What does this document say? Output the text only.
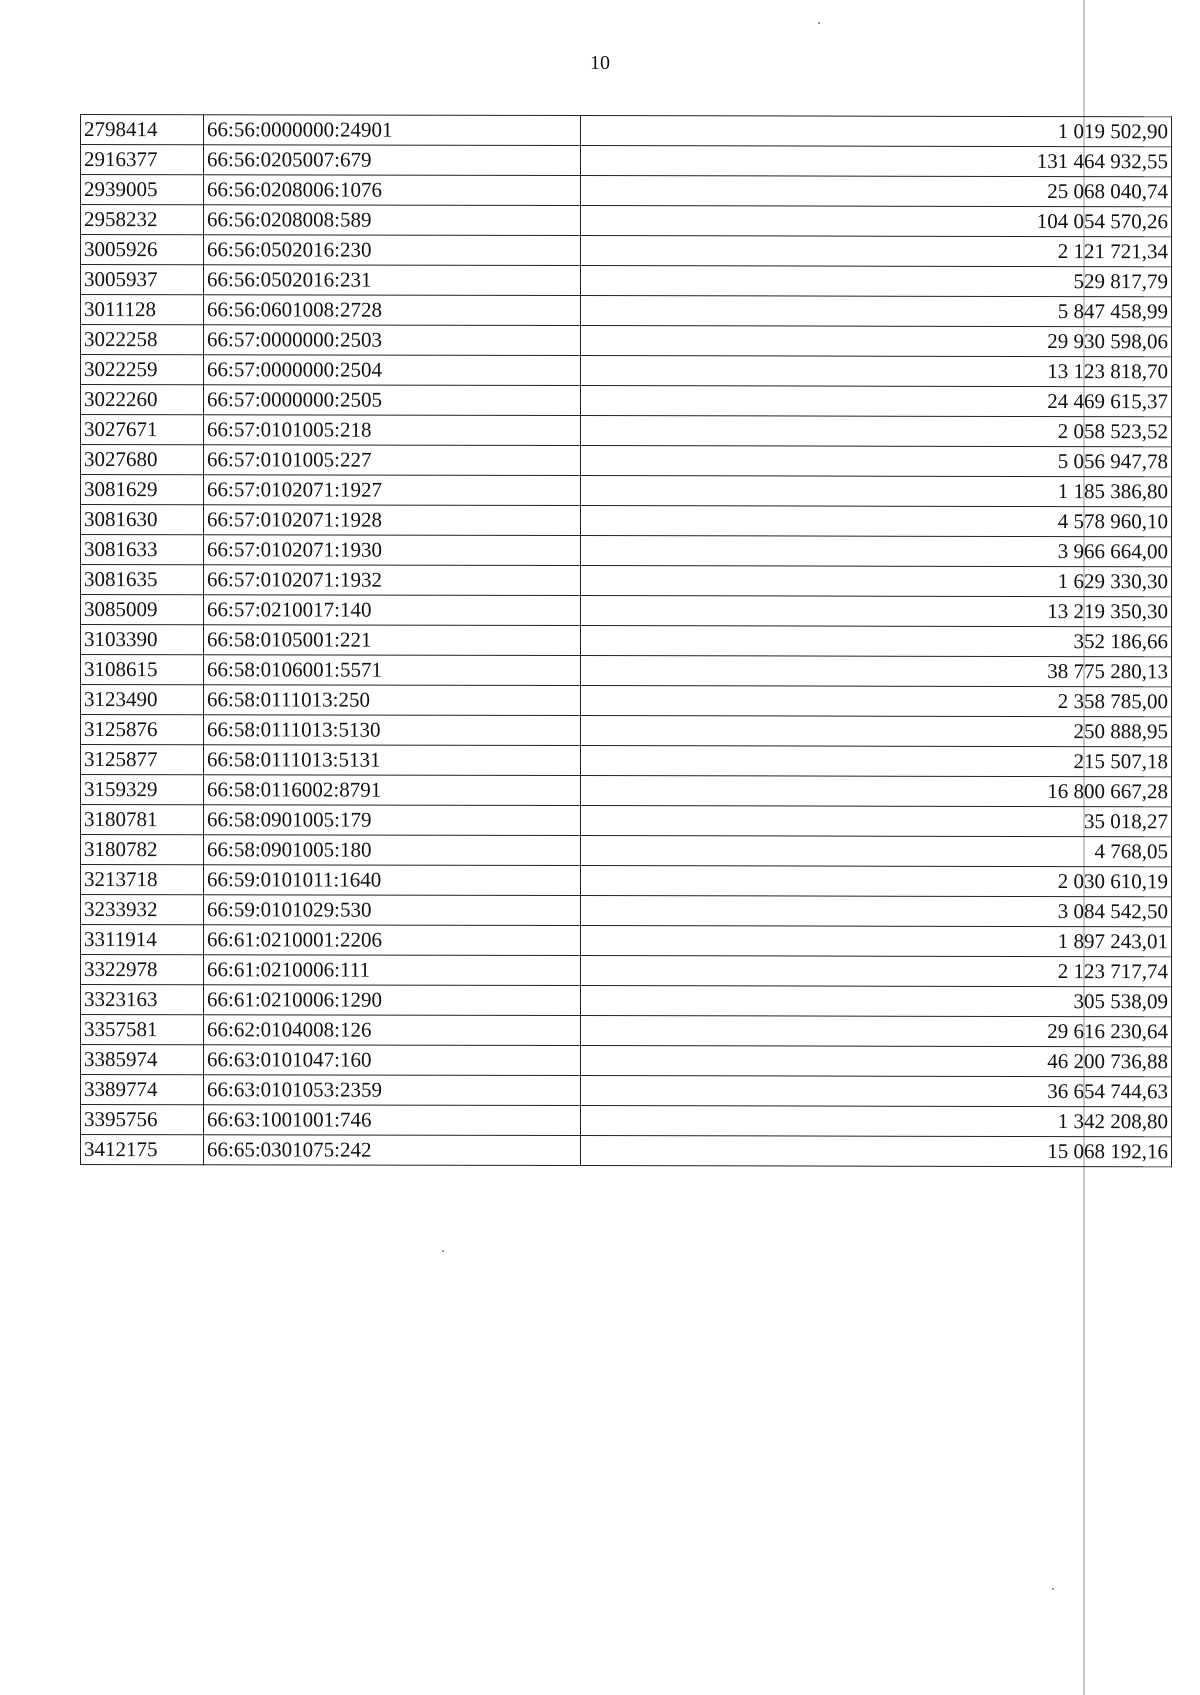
10
2798414	66:56:0000000:24901	1 019 502,90
2916377	66:56:0205007:679	131 464 932,55
2939005	66:56:0208006:1076	25 068 040,74
2958232	66:56:0208008:589	104 054 570,26
3005926	66:56:0502016:230	2 121 721,34
3005937	66:56:0502016:231	529 817,79
3011128	66:56:0601008:2728	5 847 458,99
3022258	66:57:0000000:2503	29 930 598,06
3022259	66:57:0000000:2504	13 123 818,70
3022260	66:57:0000000:2505	24 469 615,37
3027671	66:57:0101005:218	2 058 523,52
3027680	66:57:0101005:227	5 056 947,78
3081629	66:57:0102071:1927	1 185 386,80
3081630	66:57:0102071:1928	4 578 960,10
3081633	66:57:0102071:1930	3 966 664,00
3081635	66:57:0102071:1932	1 629 330,30
3085009	66:57:0210017:140	13 219 350,30
3103390	66:58:0105001:221	352 186,66
3108615	66:58:0106001:5571	38 775 280,13
3123490	66:58:0111013:250	2 358 785,00
3125876	66:58:0111013:5130	250 888,95
3125877	66:58:0111013:5131	215 507,18
3159329	66:58:0116002:8791	16 800 667,28
3180781	66:58:0901005:179	35 018,27
3180782	66:58:0901005:180	4 768,05
3213718	66:59:0101011:1640	2 030 610,19
3233932	66:59:0101029:530	3 084 542,50
3311914	66:61:0210001:2206	1 897 243,01
3322978	66:61:0210006:111	2 123 717,74
3323163	66:61:0210006:1290	305 538,09
3357581	66:62:0104008:126	29 616 230,64
3385974	66:63:0101047:160	46 200 736,88
3389774	66:63:0101053:2359	36 654 744,63
3395756	66:63:1001001:746	1 342 208,80
3412175	66:65:0301075:242	15 068 192,16
